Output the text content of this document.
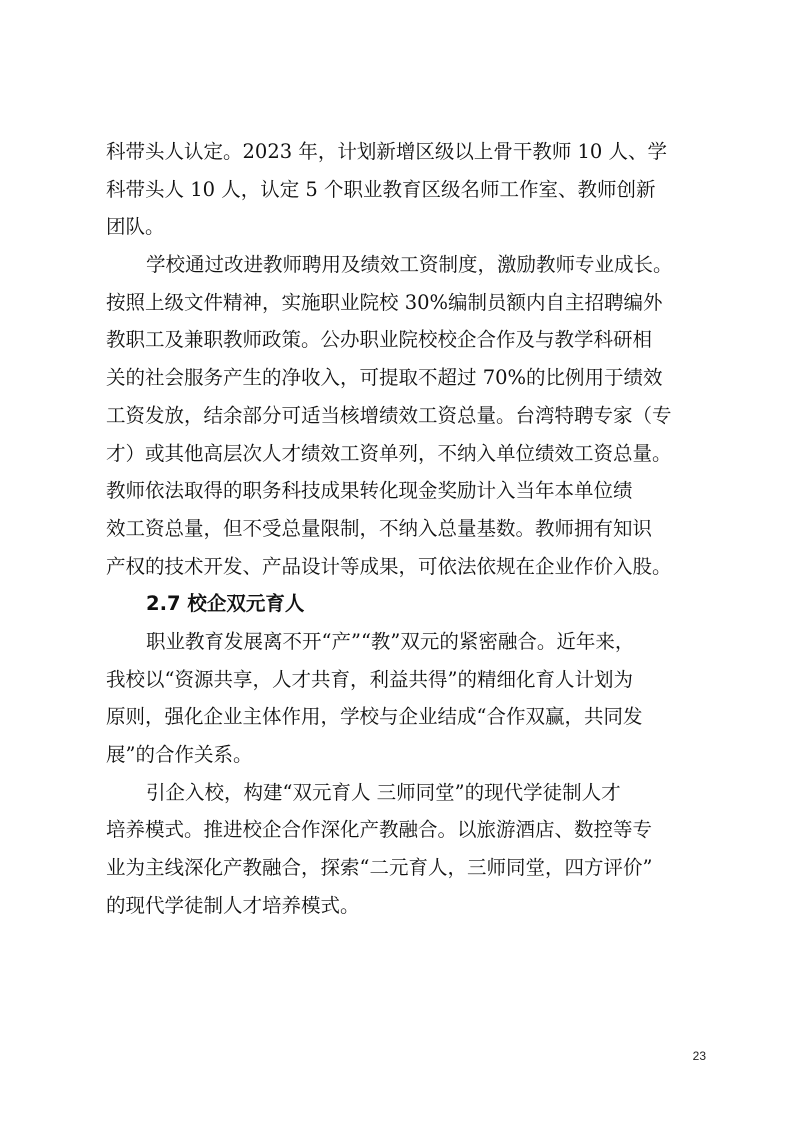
科带头人认定。2023 年，计划新增区级以上骨干教师 10 人、学
科带头人 10 人，认定 5 个职业教育区级名师工作室、教师创新
团队。
学校通过改进教师聘用及绩效工资制度，激励教师专业成长。
按照上级文件精神，实施职业院校 30%编制员额内自主招聘编外
教职工及兼职教师政策。公办职业院校校企合作及与教学科研相
关的社会服务产生的净收入，可提取不超过 70%的比例用于绩效
工资发放，结余部分可适当核增绩效工资总量。台湾特聘专家（专
才）或其他高层次人才绩效工资单列，不纳入单位绩效工资总量。
教师依法取得的职务科技成果转化现金奖励计入当年本单位绩
效工资总量，但不受总量限制，不纳入总量基数。教师拥有知识
产权的技术开发、产品设计等成果，可依法依规在企业作价入股。
2.7 校企双元育人
职业教育发展离不开“产”“教”双元的紧密融合。近年来，
我校以“资源共享，人才共育，利益共得”的精细化育人计划为
原则，强化企业主体作用，学校与企业结成“合作双赢，共同发
展”的合作关系。
引企入校，构建“双元育人 三师同堂”的现代学徒制人才
培养模式。推进校企合作深化产教融合。以旅游酒店、数控等专
业为主线深化产教融合，探索“二元育人，三师同堂，四方评价”
的现代学徒制人才培养模式。
23
